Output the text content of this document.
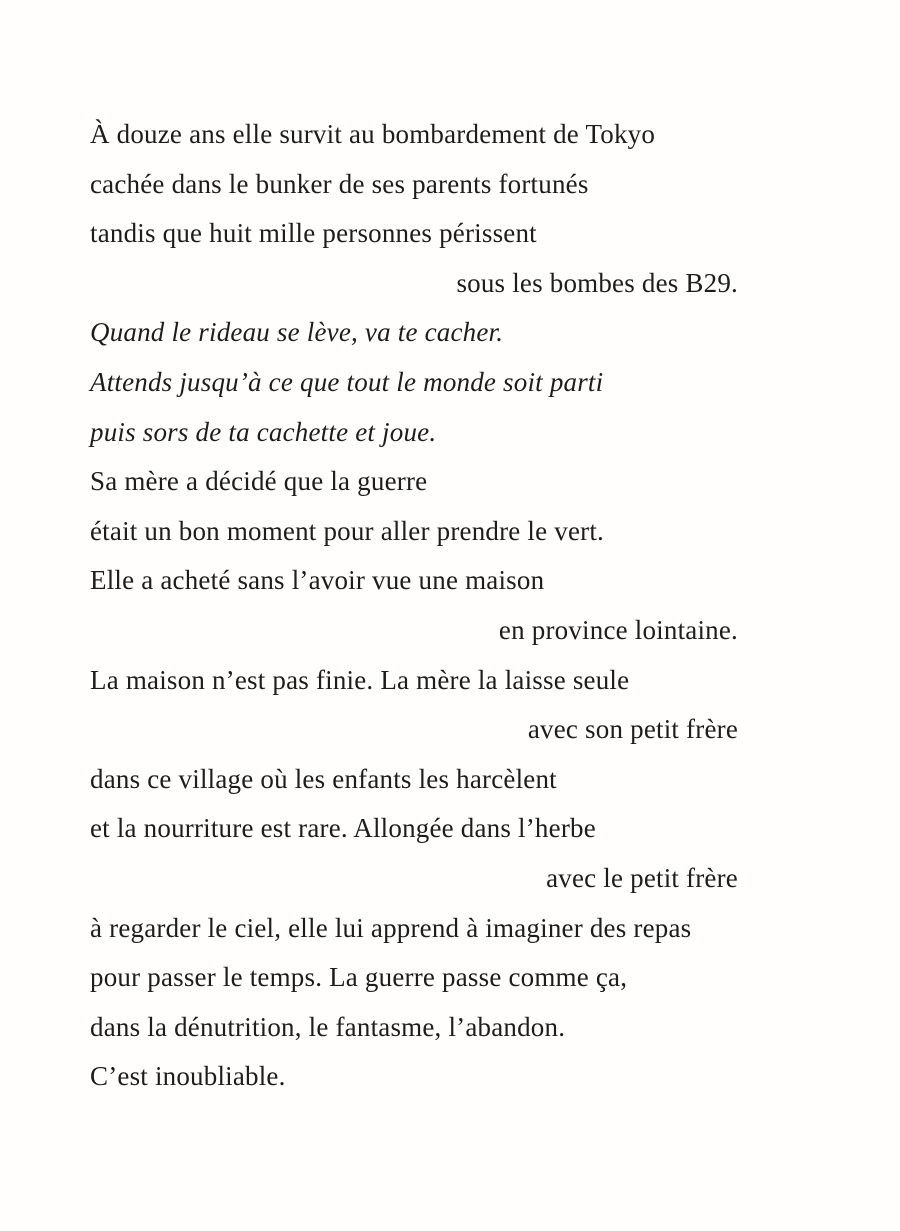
À douze ans elle survit au bombardement de Tokyo
cachée dans le bunker de ses parents fortunés
tandis que huit mille personnes périssent
sous les bombes des B29.
Quand le rideau se lève, va te cacher.
Attends jusqu’à ce que tout le monde soit parti
puis sors de ta cachette et joue.
Sa mère a décidé que la guerre
était un bon moment pour aller prendre le vert.
Elle a acheté sans l’avoir vue une maison
en province lointaine.
La maison n’est pas finie. La mère la laisse seule
avec son petit frère
dans ce village où les enfants les harcèlent
et la nourriture est rare. Allongée dans l’herbe
avec le petit frère
à regarder le ciel, elle lui apprend à imaginer des repas
pour passer le temps. La guerre passe comme ça,
dans la dénutrition, le fantasme, l’abandon.
C’est inoubliable.
